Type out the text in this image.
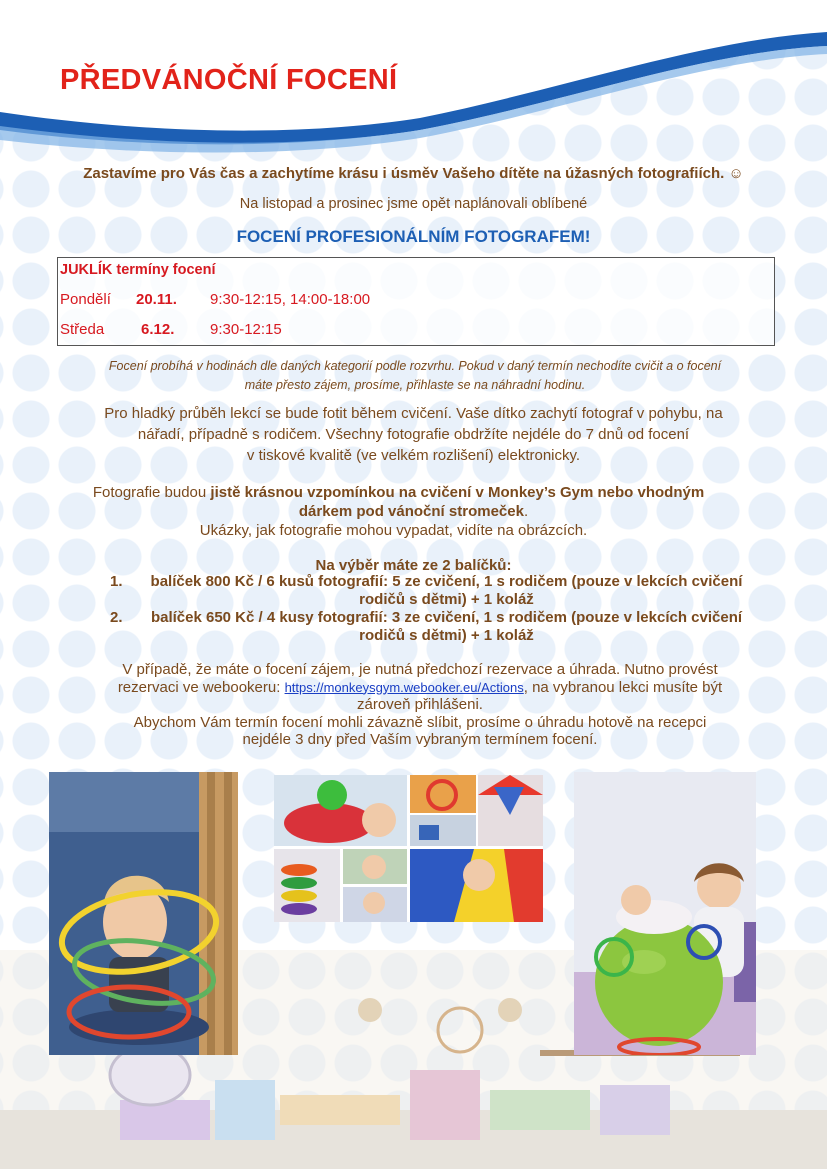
PŘEDVÁNOČNÍ FOCENÍ
Zastavíme pro Vás čas a zachytíme krásu i úsměv Vašeho dítěte na úžasných fotografiích. ☺
Na listopad a prosinec jsme opět naplánovali oblíbené
FOCENÍ PROFESIONÁLNÍM FOTOGRAFEM!
JUKLÍK termíny focení
Pondělí 20.11. 9:30-12:15, 14:00-18:00
Středa 6.12. 9:30-12:15
Focení probíhá v hodinách dle daných kategorií podle rozvrhu. Pokud v daný termín nechodíte cvičit a o focení
máte přesto zájem, prosíme, přihlaste se na náhradní hodinu.
Pro hladký průběh lekcí se bude fotit během cvičení. Vaše dítko zachytí fotograf v pohybu, na
nářadí, případně s rodičem. Všechny fotografie obdržíte nejdéle do 7 dnů od focení
v tiskové kvalitě (ve velkém rozlišení) elektronicky.
Fotografie budou jistě krásnou vzpomínkou na cvičení v Monkey’s Gym nebo vhodným
dárkem pod vánoční stromeček.
Ukázky, jak fotografie mohou vypadat, vidíte na obrázcích.
Na výběr máte ze 2 balíčků:
1.	balíček 800 Kč / 6 kusů fotografií: 5 ze cvičení, 1 s rodičem (pouze v lekcích cvičení
rodičů s dětmi) + 1 koláž
2.	balíček 650 Kč / 4 kusy fotografií: 3 ze cvičení, 1 s rodičem (pouze v lekcích cvičení
rodičů s dětmi) + 1 koláž
V případě, že máte o focení zájem, je nutná předchozí rezervace a úhrada. Nutno provést
rezervaci ve webookeru: https://monkeysgym.webooker.eu/Actions, na vybranou lekci musíte být
zároveň přihlášeni.
Abychom Vám termín focení mohli závazně slíbit, prosíme o úhradu hotově na recepci
nejdéle 3 dny před Vaším vybraným termínem focení.
